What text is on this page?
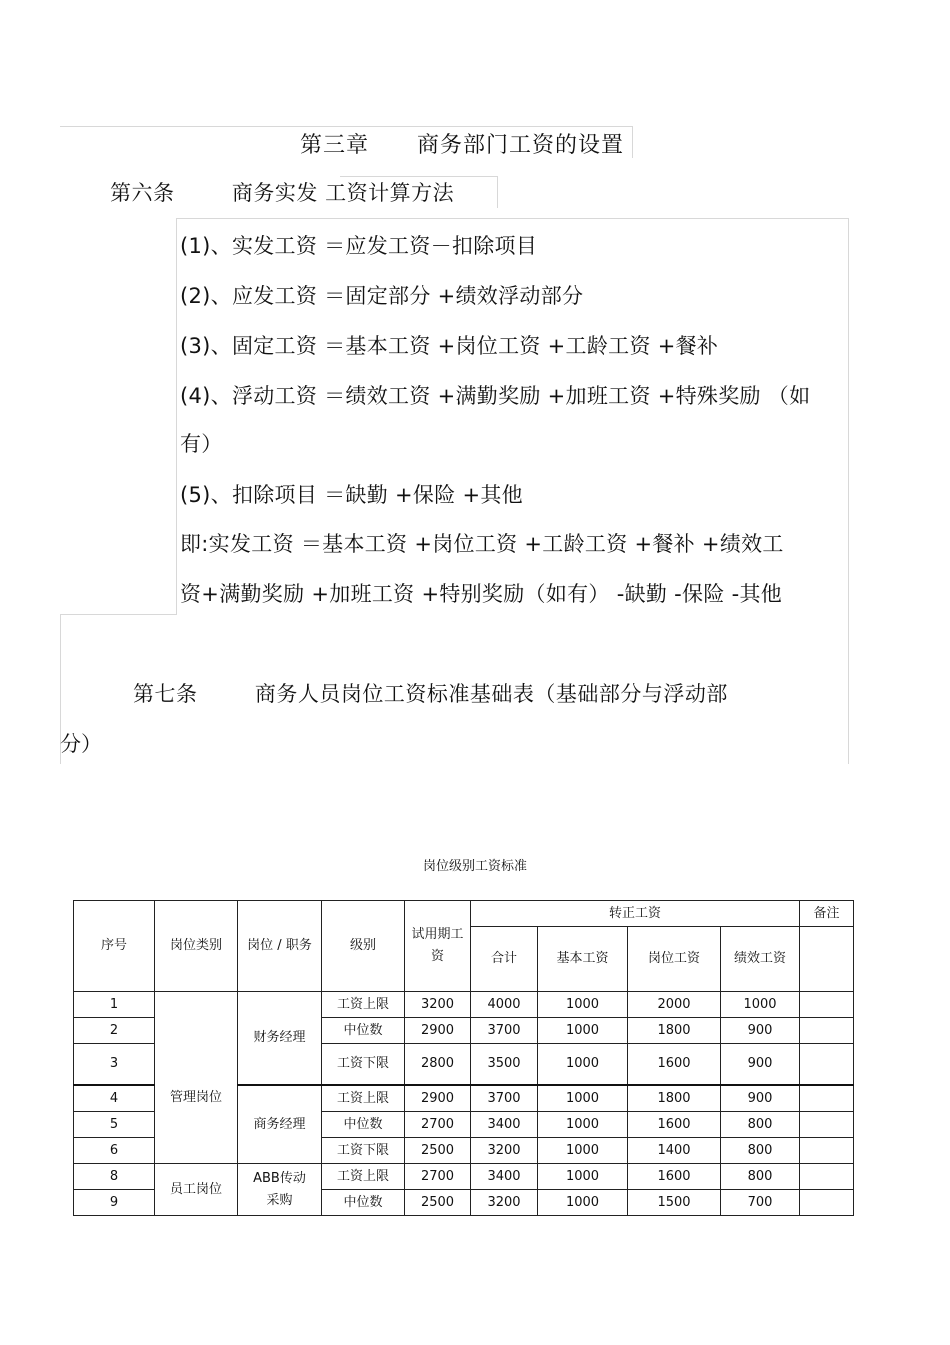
第三章 商务部门工资的设置
第六条	商务实发 工资计算方法
(1)、实发工资 ＝应发工资－扣除项目
(2)、应发工资 ＝固定部分 +绩效浮动部分
(3)、固定工资 ＝基本工资 +岗位工资 +工龄工资 +餐补
(4)、浮动工资 ＝绩效工资 +满勤奖励 +加班工资 +特殊奖励 （如
有）
(5)、扣除项目 ＝缺勤 +保险 +其他
即:实发工资 ＝基本工资 +岗位工资 +工龄工资 +餐补 +绩效工
资+满勤奖励 +加班工资 +特别奖励（如有） -缺勤 -保险 -其他
第七条	商务人员岗位工资标准基础表（基础部分与浮动部
分）
岗位级别工资标准
序号	岗位类别	岗位 / 职务	级别	试用期工资	转正工资				备注
					合计	基本工资	岗位工资	绩效工资	
1	管理岗位	财务经理	工资上限	3200	4000	1000	2000	1000	
2			中位数	2900	3700	1000	1800	900	
3			工资下限	2800	3500	1000	1600	900	
4		商务经理	工资上限	2900	3700	1000	1800	900	
5			中位数	2700	3400	1000	1600	800	
6			工资下限	2500	3200	1000	1400	800	
8	员工岗位	ABB传动
采购	工资上限	2700	3400	1000	1600	800	
9			中位数	2500	3200	1000	1500	700	
